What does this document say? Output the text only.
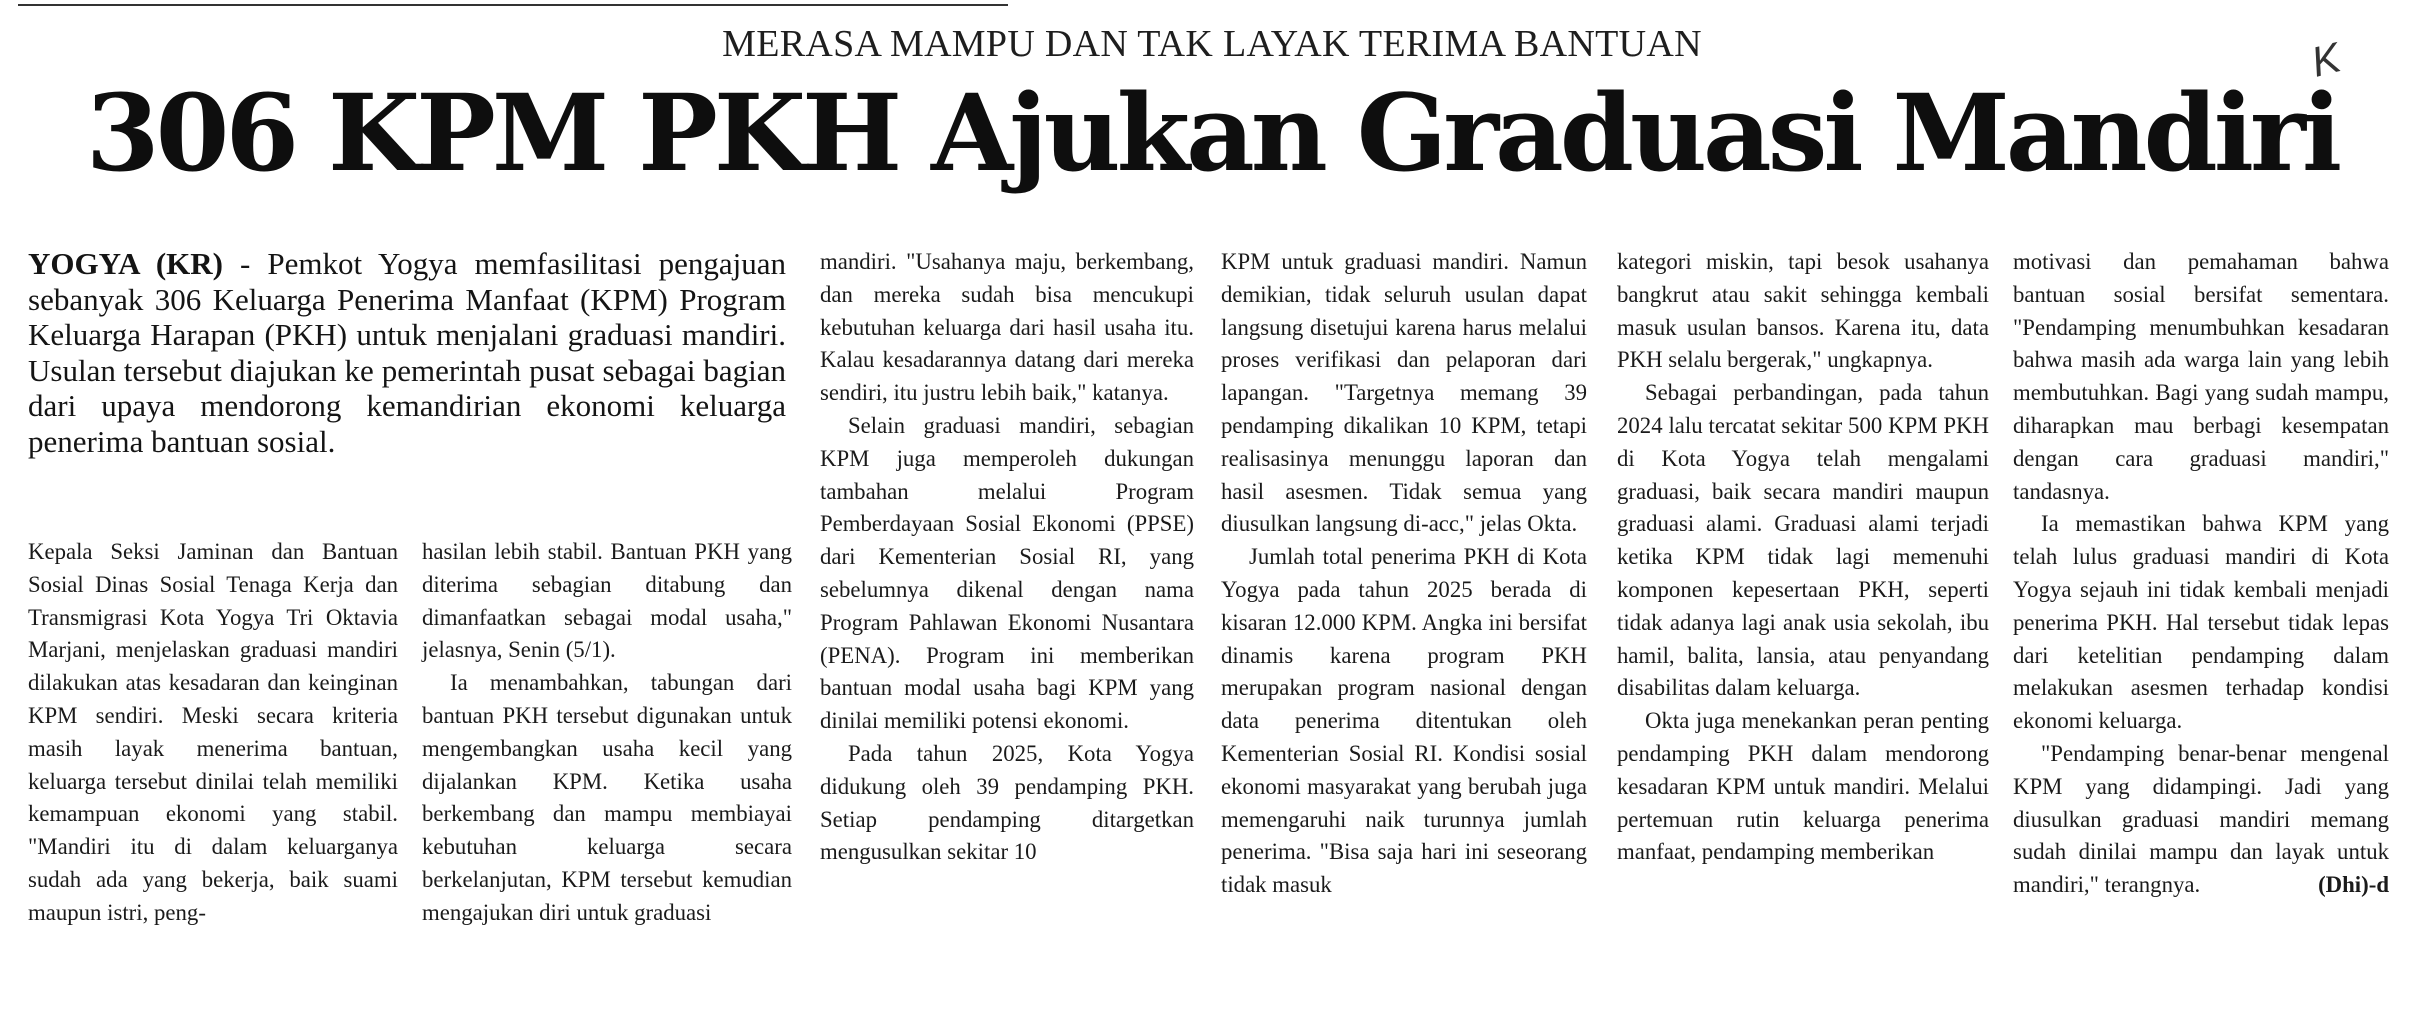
K
MERASA MAMPU DAN TAK LAYAK TERIMA BANTUAN
306 KPM PKH Ajukan Graduasi Mandiri

YOGYA (KR) - Pemkot Yogya memfasilitasi pengajuan sebanyak 306 Keluarga Penerima Manfaat (KPM) Program Keluarga Harapan (PKH) untuk menjalani graduasi mandiri. Usulan tersebut diajukan ke pemerintah pusat sebagai bagian dari upaya mendorong kemandirian ekonomi keluarga penerima bantuan sosial.

Kepala Seksi Jaminan dan Bantuan Sosial Dinas Sosial Tenaga Kerja dan Transmigrasi Kota Yogya Tri Oktavia Marjani, menjelaskan graduasi mandiri dilakukan atas kesadaran dan keinginan KPM sendiri. Meski secara kriteria masih layak menerima bantuan, keluarga tersebut dinilai telah memiliki kemampuan ekonomi yang stabil. "Mandiri itu di dalam keluarganya sudah ada yang bekerja, baik suami maupun istri, peng-

hasilan lebih stabil. Bantuan PKH yang diterima sebagian ditabung dan dimanfaatkan sebagai modal usaha," jelasnya, Senin (5/1).

Ia menambahkan, tabungan dari bantuan PKH tersebut digunakan untuk mengembangkan usaha kecil yang dijalankan KPM. Ketika usaha berkembang dan mampu membiayai kebutuhan keluarga secara berkelanjutan, KPM tersebut kemudian mengajukan diri untuk graduasi

mandiri. "Usahanya maju, berkembang, dan mereka sudah bisa mencukupi kebutuhan keluarga dari hasil usaha itu. Kalau kesadarannya datang dari mereka sendiri, itu justru lebih baik," katanya.

Selain graduasi mandiri, sebagian KPM juga memperoleh dukungan tambahan melalui Program Pemberdayaan Sosial Ekonomi (PPSE) dari Kementerian Sosial RI, yang sebelumnya dikenal dengan nama Program Pahlawan Ekonomi Nusantara (PENA). Program ini memberikan bantuan modal usaha bagi KPM yang dinilai memiliki potensi ekonomi.

Pada tahun 2025, Kota Yogya didukung oleh 39 pendamping PKH. Setiap pendamping ditargetkan mengusulkan sekitar 10

KPM untuk graduasi mandiri. Namun demikian, tidak seluruh usulan dapat langsung disetujui karena harus melalui proses verifikasi dan pelaporan dari lapangan. "Targetnya memang 39 pendamping dikalikan 10 KPM, tetapi realisasinya menunggu laporan dan hasil asesmen. Tidak semua yang diusulkan langsung di-acc," jelas Okta.

Jumlah total penerima PKH di Kota Yogya pada tahun 2025 berada di kisaran 12.000 KPM. Angka ini bersifat dinamis karena program PKH merupakan program nasional dengan data penerima ditentukan oleh Kementerian Sosial RI. Kondisi sosial ekonomi masyarakat yang berubah juga memengaruhi naik turunnya jumlah penerima. "Bisa saja hari ini seseorang tidak masuk

kategori miskin, tapi besok usahanya bangkrut atau sakit sehingga kembali masuk usulan bansos. Karena itu, data PKH selalu bergerak," ungkapnya.

Sebagai perbandingan, pada tahun 2024 lalu tercatat sekitar 500 KPM PKH di Kota Yogya telah mengalami graduasi, baik secara mandiri maupun graduasi alami. Graduasi alami terjadi ketika KPM tidak lagi memenuhi komponen kepesertaan PKH, seperti tidak adanya lagi anak usia sekolah, ibu hamil, balita, lansia, atau penyandang disabilitas dalam keluarga.

Okta juga menekankan peran penting pendamping PKH dalam mendorong kesadaran KPM untuk mandiri. Melalui pertemuan rutin keluarga penerima manfaat, pendamping memberikan

motivasi dan pemahaman bahwa bantuan sosial bersifat sementara. "Pendamping menumbuhkan kesadaran bahwa masih ada warga lain yang lebih membutuhkan. Bagi yang sudah mampu, diharapkan mau berbagi kesempatan dengan cara graduasi mandiri," tandasnya.

Ia memastikan bahwa KPM yang telah lulus graduasi mandiri di Kota Yogya sejauh ini tidak kembali menjadi penerima PKH. Hal tersebut tidak lepas dari ketelitian pendamping dalam melakukan asesmen terhadap kondisi ekonomi keluarga.

"Pendamping benar-benar mengenal KPM yang didampingi. Jadi yang diusulkan graduasi mandiri memang sudah dinilai mampu dan layak untuk mandiri," terangnya.	(Dhi)-d
